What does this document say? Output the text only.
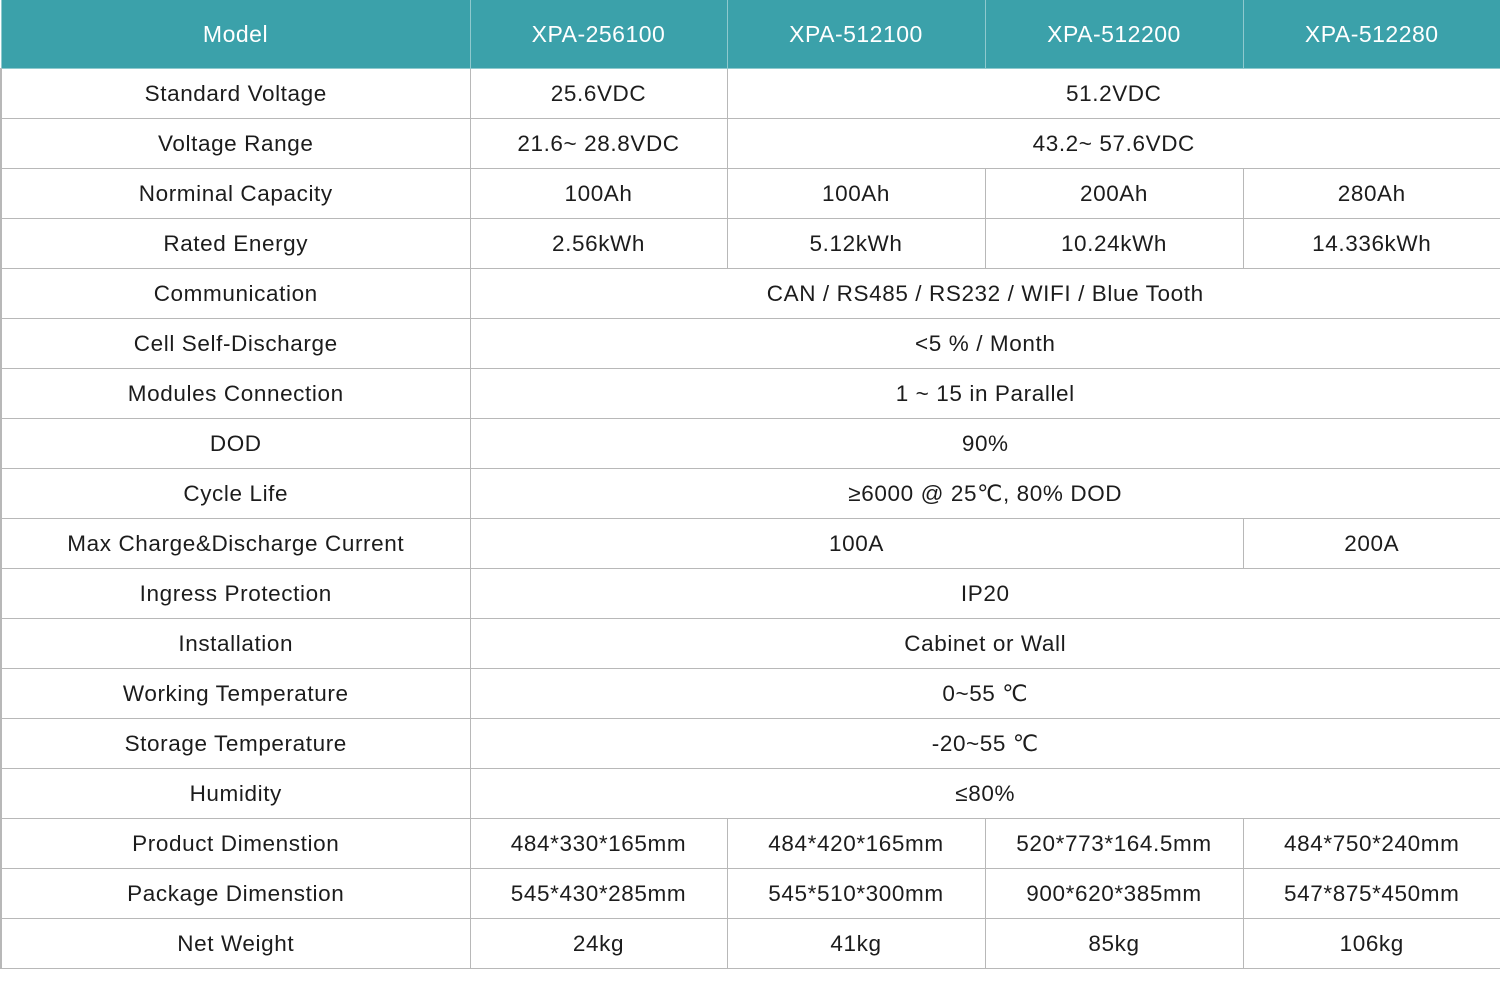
Model	XPA-256100	XPA-512100	XPA-512200	XPA-512280
Standard Voltage	25.6VDC	51.2VDC		
Voltage Range	21.6~ 28.8VDC	43.2~ 57.6VDC		
Norminal Capacity	100Ah	100Ah	200Ah	280Ah
Rated Energy	2.56kWh	5.12kWh	10.24kWh	14.336kWh
Communication	CAN / RS485 / RS232 / WIFI / Blue Tooth			
Cell Self-Discharge	<5 % / Month			
Modules Connection	1 ~ 15 in Parallel			
DOD	90%			
Cycle Life	≥6000 @ 25℃, 80% DOD			
Max Charge&Discharge Current	100A			200A
Ingress Protection	IP20			
Installation	Cabinet or Wall			
Working Temperature	0~55 ℃			
Storage Temperature	-20~55 ℃			
Humidity	≤80%			
Product Dimenstion	484*330*165mm	484*420*165mm	520*773*164.5mm	484*750*240mm
Package Dimenstion	545*430*285mm	545*510*300mm	900*620*385mm	547*875*450mm
Net Weight	24kg	41kg	85kg	106kg
